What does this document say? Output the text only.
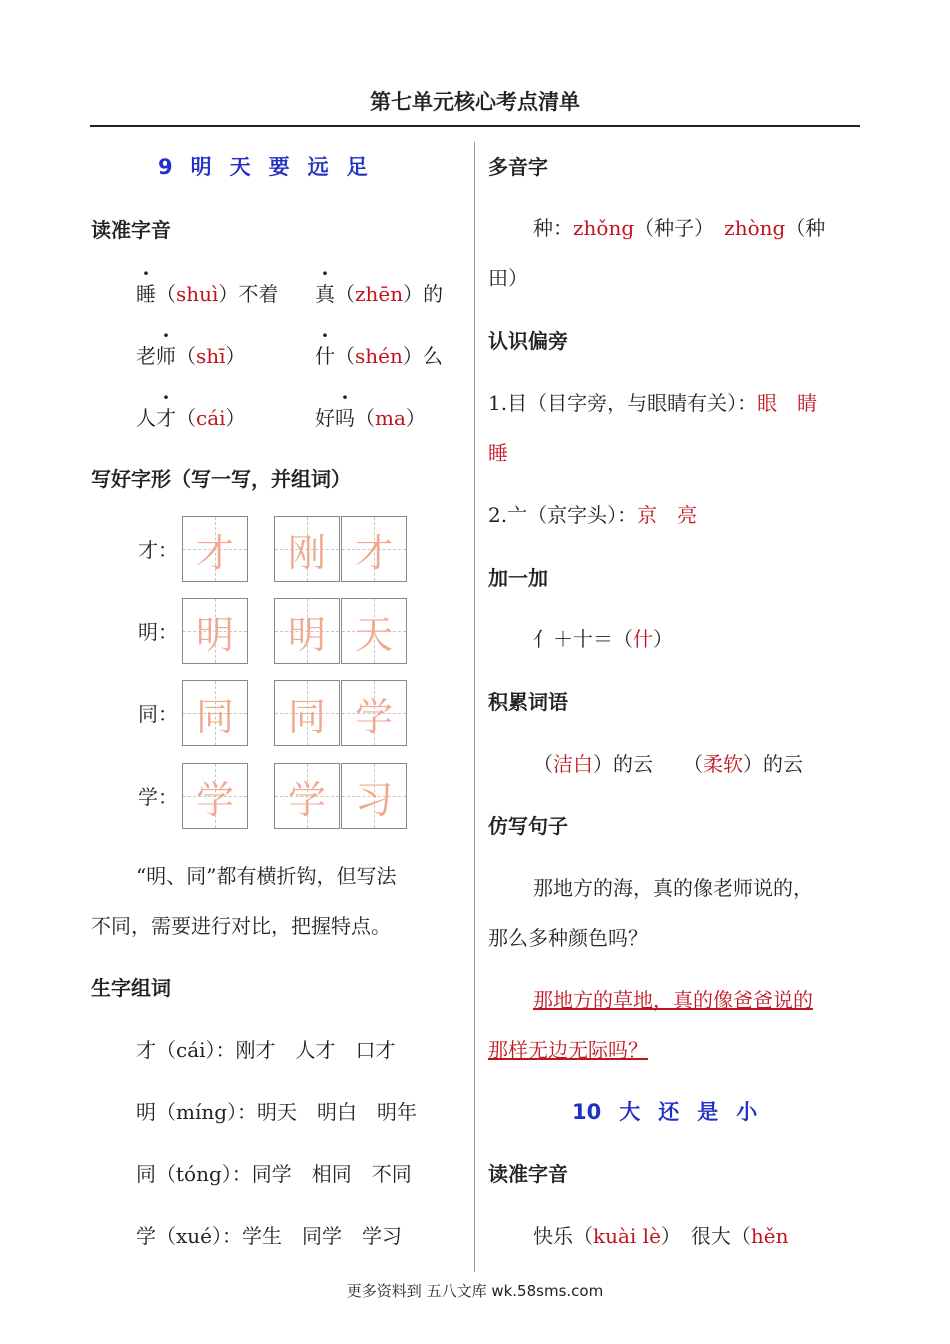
第七单元核心考点清单
9 明 天 要 远 足
读准字音
睡（shuì）不着 真（zhēn）的
老师（shī）	什（shén）么
人才（cái）	好吗（ma）
写好字形（写一写，并组词）
才： 才	刚 才
明： 明	明 天
同： 同	同 学
学： 学	学 习
“明、同”都有横折钩，但写法
不同，需要进行对比，把握特点。
生字组词
才（cái）：刚才　 人才　 口才
明（míng）：明天　 明白　 明年
同（tóng）：同学　 相同　 不同
学（xué）：学生　 同学　 学习
多音字
种：zhǒng（种子）　 zhòng（种
田）
认识偏旁
1.目（目字旁，与眼睛有关）：眼　 睛
睡
2.亠（京字头）：京　 亮
加一加
亻＋十＝（什）
积累词语
（洁白）的云　　 （柔软）的云
仿写句子
那地方的海，真的像老师说的，
那么多种颜色吗？
那地方的草地，真的像爸爸说的
那样无边无际吗？
10 大 还 是 小
读准字音
快乐（kuài lè）　 很大（hěn
更多资料到 五八文库 wk.58sms.com
